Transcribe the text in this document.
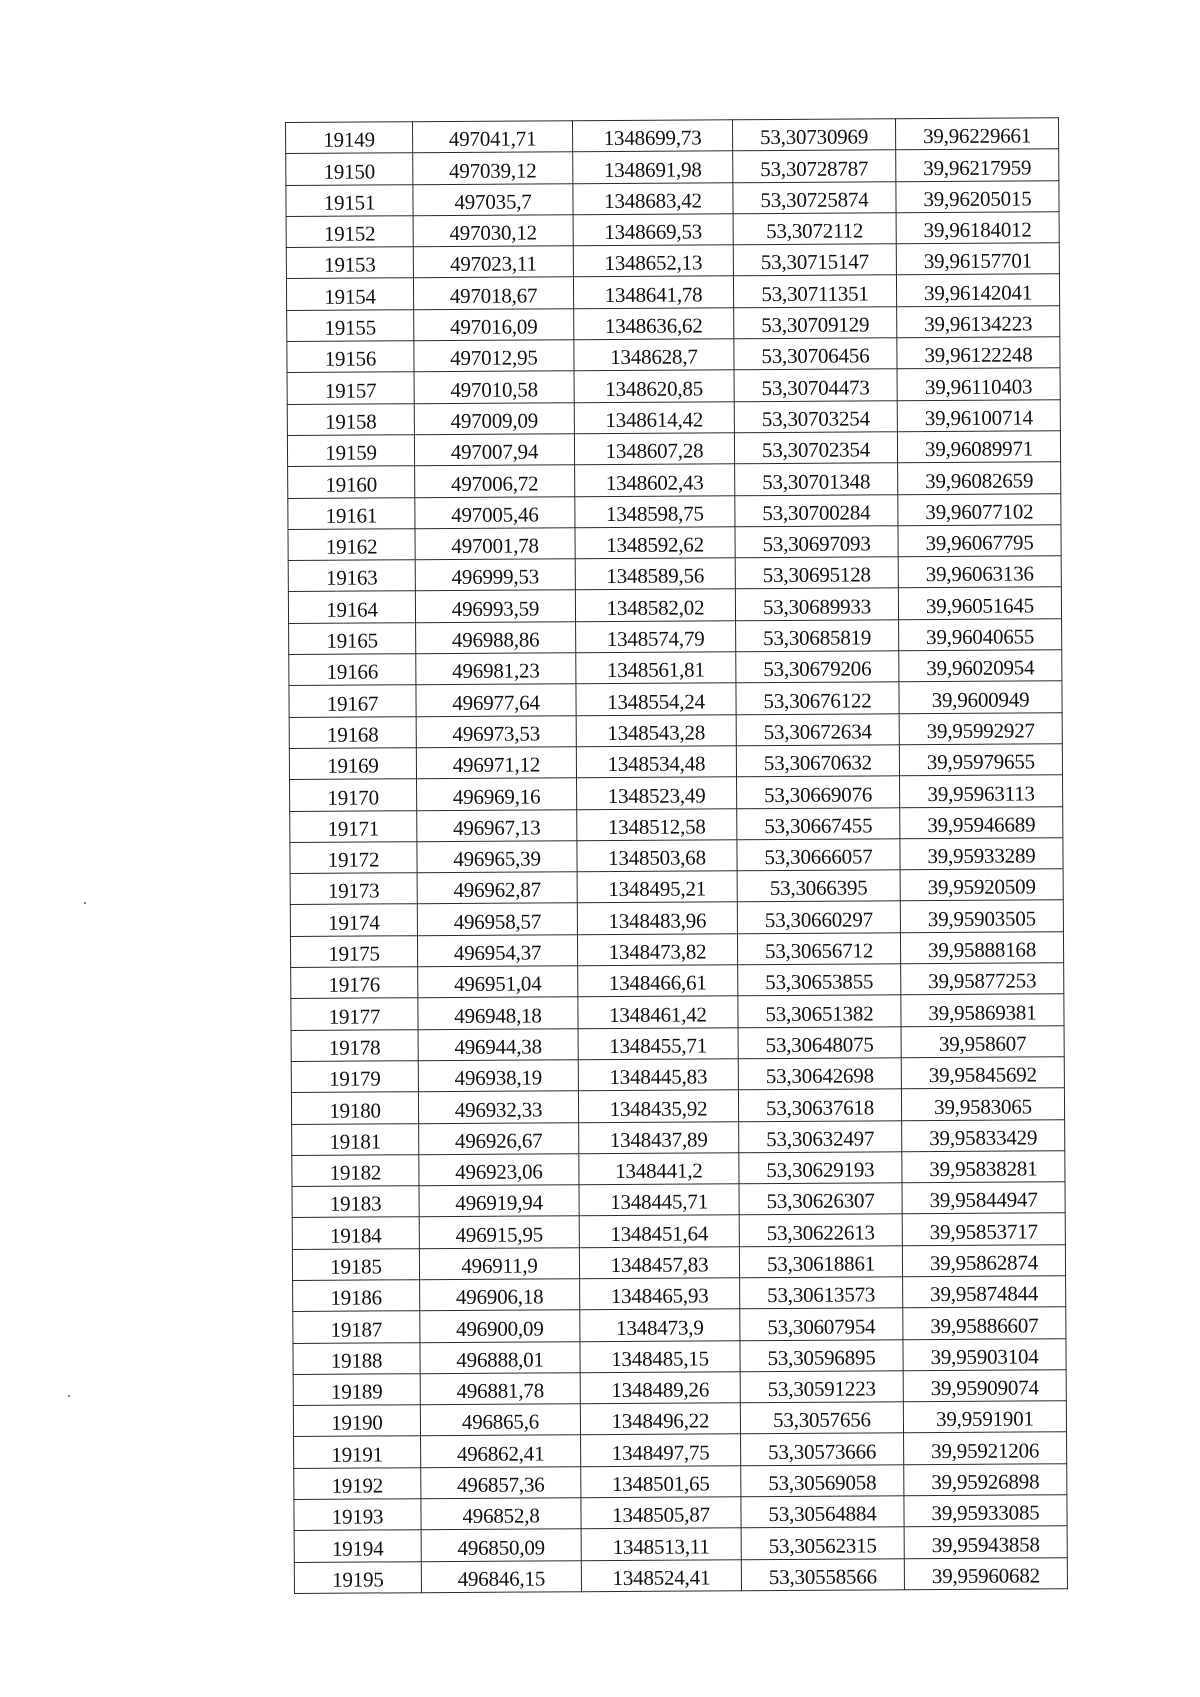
19149	497041,71	1348699,73	53,30730969	39,96229661
19150	497039,12	1348691,98	53,30728787	39,96217959
19151	497035,7	1348683,42	53,30725874	39,96205015
19152	497030,12	1348669,53	53,3072112	39,96184012
19153	497023,11	1348652,13	53,30715147	39,96157701
19154	497018,67	1348641,78	53,30711351	39,96142041
19155	497016,09	1348636,62	53,30709129	39,96134223
19156	497012,95	1348628,7	53,30706456	39,96122248
19157	497010,58	1348620,85	53,30704473	39,96110403
19158	497009,09	1348614,42	53,30703254	39,96100714
19159	497007,94	1348607,28	53,30702354	39,96089971
19160	497006,72	1348602,43	53,30701348	39,96082659
19161	497005,46	1348598,75	53,30700284	39,96077102
19162	497001,78	1348592,62	53,30697093	39,96067795
19163	496999,53	1348589,56	53,30695128	39,96063136
19164	496993,59	1348582,02	53,30689933	39,96051645
19165	496988,86	1348574,79	53,30685819	39,96040655
19166	496981,23	1348561,81	53,30679206	39,96020954
19167	496977,64	1348554,24	53,30676122	39,9600949
19168	496973,53	1348543,28	53,30672634	39,95992927
19169	496971,12	1348534,48	53,30670632	39,95979655
19170	496969,16	1348523,49	53,30669076	39,95963113
19171	496967,13	1348512,58	53,30667455	39,95946689
19172	496965,39	1348503,68	53,30666057	39,95933289
19173	496962,87	1348495,21	53,3066395	39,95920509
19174	496958,57	1348483,96	53,30660297	39,95903505
19175	496954,37	1348473,82	53,30656712	39,95888168
19176	496951,04	1348466,61	53,30653855	39,95877253
19177	496948,18	1348461,42	53,30651382	39,95869381
19178	496944,38	1348455,71	53,30648075	39,958607
19179	496938,19	1348445,83	53,30642698	39,95845692
19180	496932,33	1348435,92	53,30637618	39,9583065
19181	496926,67	1348437,89	53,30632497	39,95833429
19182	496923,06	1348441,2	53,30629193	39,95838281
19183	496919,94	1348445,71	53,30626307	39,95844947
19184	496915,95	1348451,64	53,30622613	39,95853717
19185	496911,9	1348457,83	53,30618861	39,95862874
19186	496906,18	1348465,93	53,30613573	39,95874844
19187	496900,09	1348473,9	53,30607954	39,95886607
19188	496888,01	1348485,15	53,30596895	39,95903104
19189	496881,78	1348489,26	53,30591223	39,95909074
19190	496865,6	1348496,22	53,3057656	39,9591901
19191	496862,41	1348497,75	53,30573666	39,95921206
19192	496857,36	1348501,65	53,30569058	39,95926898
19193	496852,8	1348505,87	53,30564884	39,95933085
19194	496850,09	1348513,11	53,30562315	39,95943858
19195	496846,15	1348524,41	53,30558566	39,95960682
